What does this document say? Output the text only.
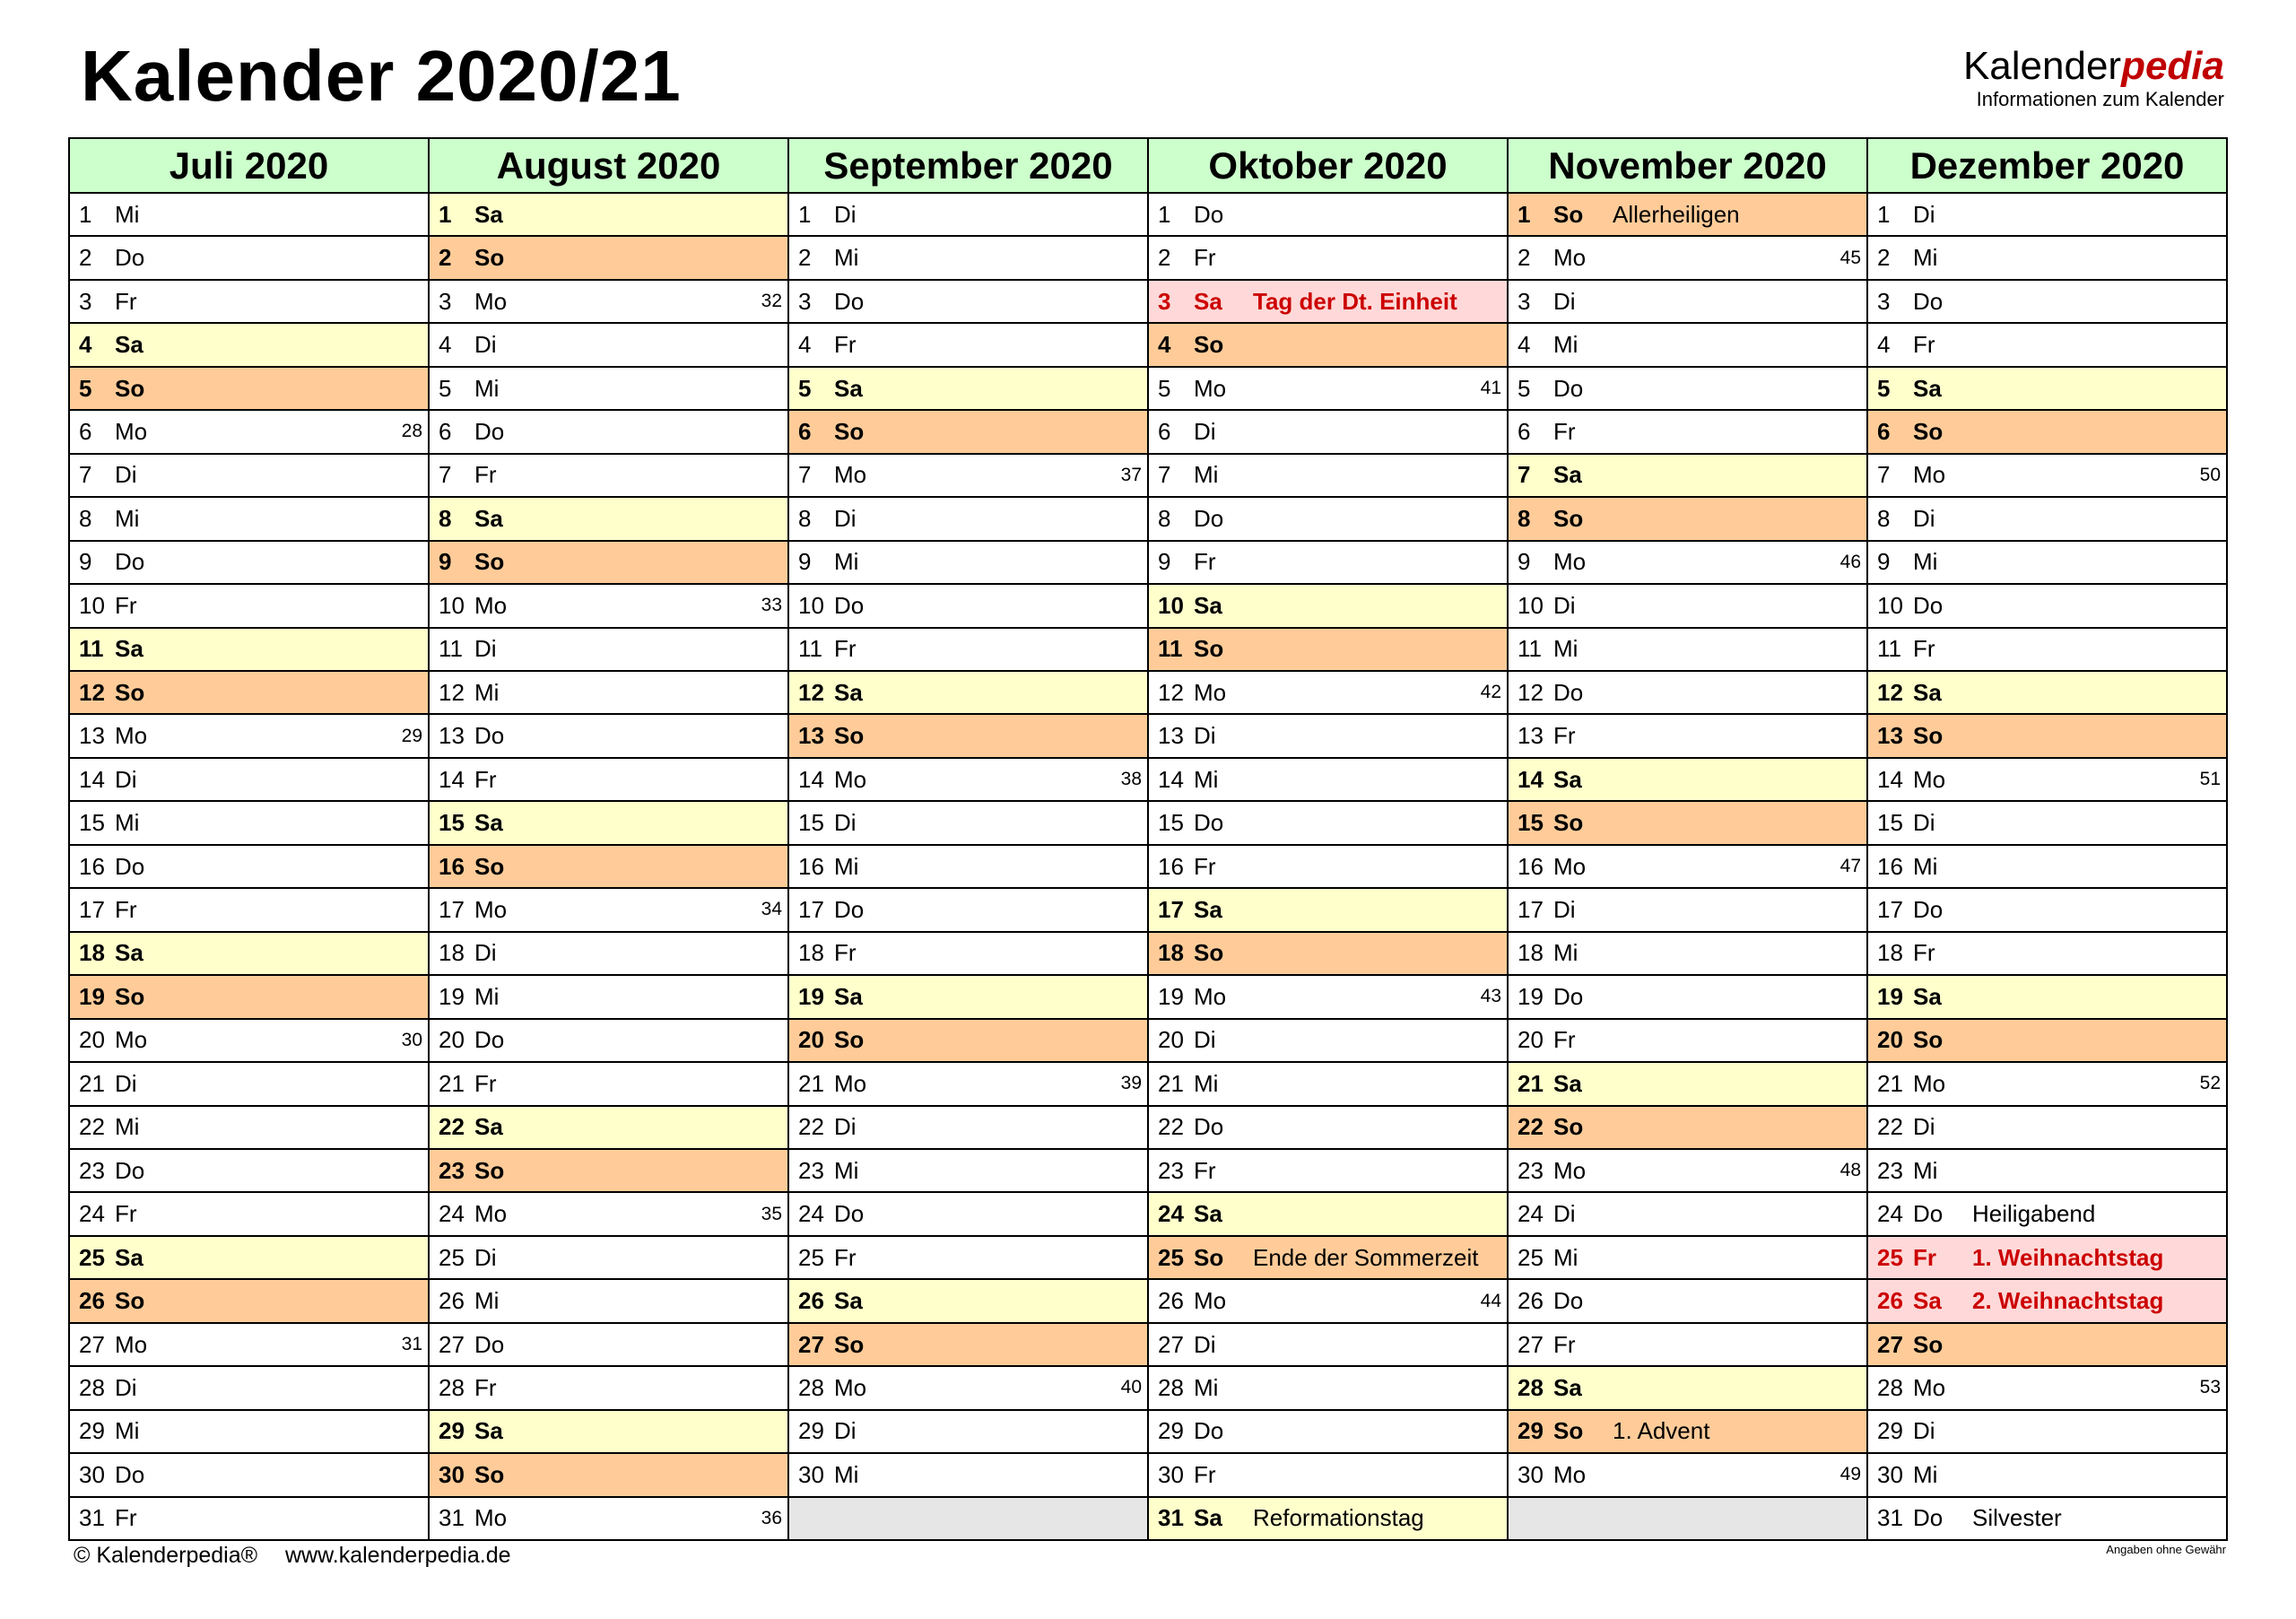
Kalender 2020/21	Kalenderpedia
Informationen zum Kalender
Juli 2020
1 Mi
2 Do
3 Fr
4 Sa
5 So
6 Mo	28
7 Di
8 Mi
9 Do
10 Fr
11 Sa
12 So
13 Mo	29
14 Di
15 Mi
16 Do
17 Fr
18 Sa
19 So
20 Mo	30
21 Di
22 Mi
23 Do
24 Fr
25 Sa
26 So
27 Mo	31
28 Di
29 Mi
30 Do
31 Fr
August 2020
1 Sa
2 So
3 Mo	32
4 Di
5 Mi
6 Do
7 Fr
8 Sa
9 So
10 Mo	33
11 Di
12 Mi
13 Do
14 Fr
15 Sa
16 So
17 Mo	34
18 Di
19 Mi
20 Do
21 Fr
22 Sa
23 So
24 Mo	35
25 Di
26 Mi
27 Do
28 Fr
29 Sa
30 So
31 Mo	36
September 2020
1 Di
2 Mi
3 Do
4 Fr
5 Sa
6 So
7 Mo	37
8 Di
9 Mi
10 Do
11 Fr
12 Sa
13 So
14 Mo	38
15 Di
16 Mi
17 Do
18 Fr
19 Sa
20 So
21 Mo	39
22 Di
23 Mi
24 Do
25 Fr
26 Sa
27 So
28 Mo	40
29 Di
30 Mi
Oktober 2020
1 Do
2 Fr
3 Sa	Tag der Dt. Einheit
4 So
5 Mo	41
6 Di
7 Mi
8 Do
9 Fr
10 Sa
11 So
12 Mo	42
13 Di
14 Mi
15 Do
16 Fr
17 Sa
18 So
19 Mo	43
20 Di
21 Mi
22 Do
23 Fr
24 Sa
25 So	Ende der Sommerzeit
26 Mo	44
27 Di
28 Mi
29 Do
30 Fr
31 Sa	Reformationstag
November 2020
1 So	Allerheiligen
2 Mo	45
3 Di
4 Mi
5 Do
6 Fr
7 Sa
8 So
9 Mo	46
10 Di
11 Mi
12 Do
13 Fr
14 Sa
15 So
16 Mo	47
17 Di
18 Mi
19 Do
20 Fr
21 Sa
22 So
23 Mo	48
24 Di
25 Mi
26 Do
27 Fr
28 Sa
29 So	1. Advent
30 Mo	49
Dezember 2020
1 Di
2 Mi
3 Do
4 Fr
5 Sa
6 So
7 Mo	50
8 Di
9 Mi
10 Do
11 Fr
12 Sa
13 So
14 Mo	51
15 Di
16 Mi
17 Do
18 Fr
19 Sa
20 So
21 Mo	52
22 Di
23 Mi
24 Do	Heiligabend
25 Fr	1. Weihnachtstag
26 Sa	2. Weihnachtstag
27 So
28 Mo	53
29 Di
30 Mi
31 Do	Silvester
© Kalenderpedia® www.kalenderpedia.de	Angaben ohne Gewähr
